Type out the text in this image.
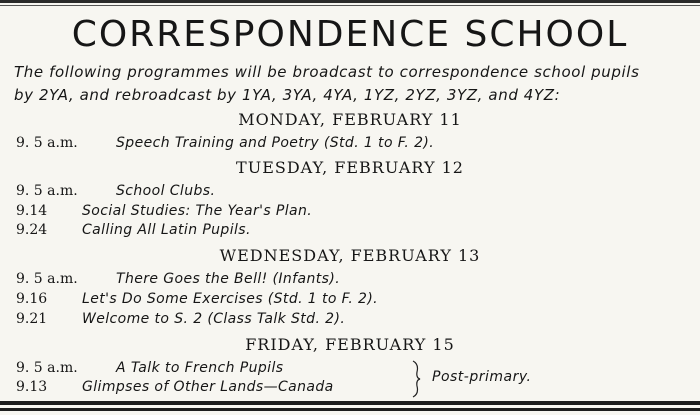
CORRESPONDENCE SCHOOL
The following programmes will be broadcast to correspondence school pupils
by 2YA, and rebroadcast by 1YA, 3YA, 4YA, 1YZ, 2YZ, 3YZ, and 4YZ:
MONDAY, FEBRUARY 11
9. 5 a.m.	Speech Training and Poetry (Std. 1 to F. 2).
TUESDAY, FEBRUARY 12
9. 5 a.m.	School Clubs.
9.14 Social Studies: The Year's Plan.
9.24 Calling All Latin Pupils.
WEDNESDAY, FEBRUARY 13
9. 5 a.m.	There Goes the Bell! (Infants).
9.16 Let's Do Some Exercises (Std. 1 to F. 2).
9.21 Welcome to S. 2 (Class Talk Std. 2).
FRIDAY, FEBRUARY 15
9. 5 a.m.	A Talk to French Pupils
9.13 Glimpses of Other Lands—Canada
Post-primary.
